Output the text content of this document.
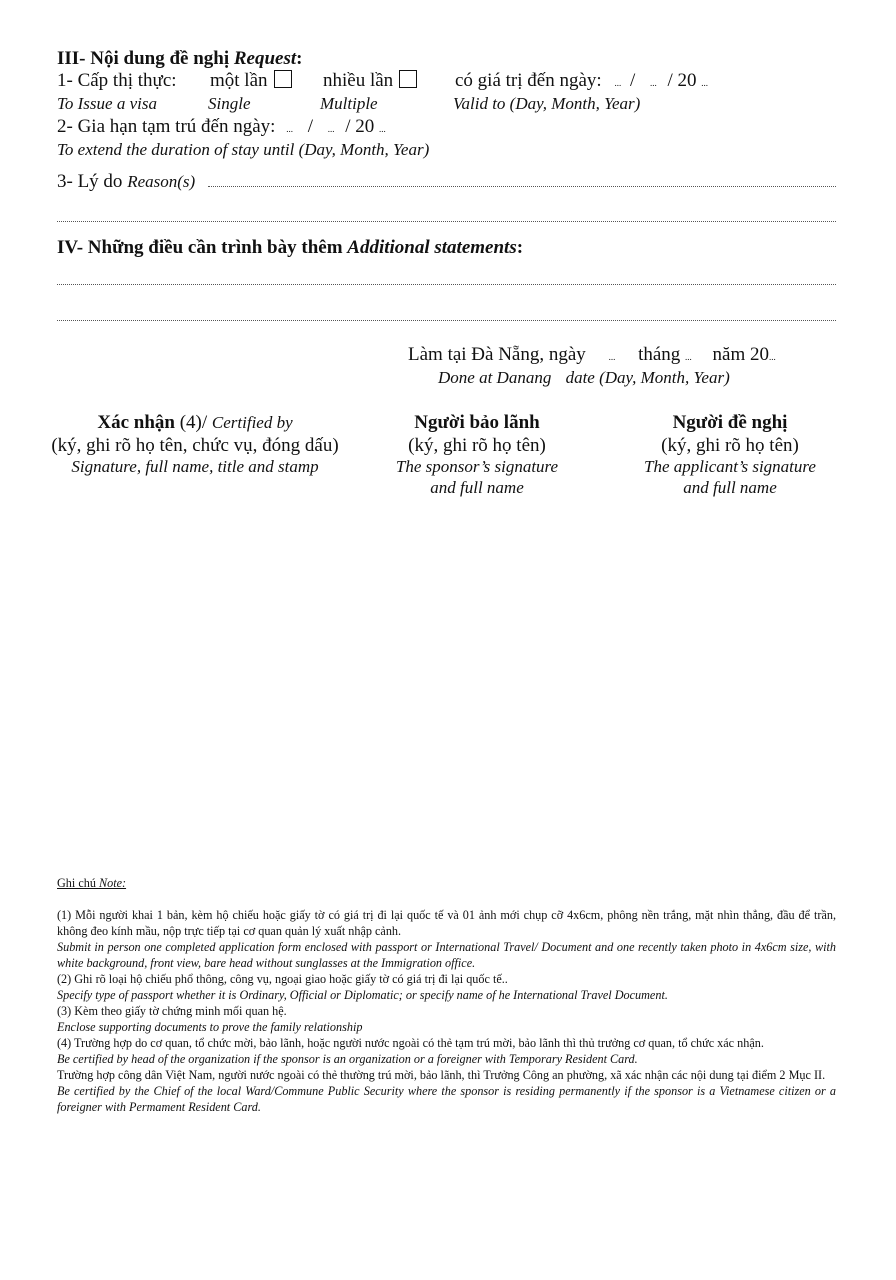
III- Nội dung đề nghị Request:
1- Cấp thị thực: một lần	nhiều lần	có giá trị đến ngày: ... / ... / 20 ...
To Issue a visa	Single	Multiple	Valid to (Day, Month, Year)
2- Gia hạn tạm trú đến ngày: ... / ... / 20 ...
To extend the duration of stay until (Day, Month, Year)
3- Lý do Reason(s)
IV- Những điều cần trình bày thêm Additional statements:
Làm tại Đà Nẵng, ngày	... tháng ... năm 20...
Done at Danang date (Day, Month, Year)
Xác nhận (4)/ Certified by
(ký, ghi rõ họ tên, chức vụ, đóng dấu)
Signature, full name, title and stamp
Người bảo lãnh
(ký, ghi rõ họ tên)
The sponsor’s signature
and full name
Người đề nghị
(ký, ghi rõ họ tên)
The applicant’s signature
and full name

Ghi chú Note:

(1) Mỗi người khai 1 bản, kèm hộ chiếu hoặc giấy tờ có giá trị đi lại quốc tế và 01 ảnh mới chụp cỡ 4x6cm, phông nền trắng, mặt nhìn thẳng, đầu để trần, không đeo kính mầu, nộp trực tiếp tại cơ quan quản lý xuất nhập cảnh.

Submit in person one completed application form enclosed with passport or International Travel/ Document and one recently taken photo in 4x6cm size, with white background, front view, bare head without sunglasses at the Immigration office.

(2) Ghi rõ loại hộ chiếu phổ thông, công vụ, ngoại giao hoặc giấy tờ có giá trị đi lại quốc tế..

Specify type of passport whether it is Ordinary, Official or Diplomatic; or specify name of he International Travel Document.

(3) Kèm theo giấy tờ chứng minh mối quan hệ.

Enclose supporting documents to prove the family relationship

(4) Trường hợp do cơ quan, tổ chức mời, bảo lãnh, hoặc người nước ngoài có thẻ tạm trú mời, bảo lãnh thì thủ trưởng cơ quan, tổ chức xác nhận.

Be certified by head of the organization if the sponsor is an organization or a foreigner with Temporary Resident Card.

Trường hợp công dân Việt Nam, người nước ngoài có thẻ thường trú mời, bảo lãnh, thì Trưởng Công an phường, xã xác nhận các nội dung tại điểm 2 Mục II.

Be certified by the Chief of the local Ward/Commune Public Security where the sponsor is residing permanently if the sponsor is a Vietnamese citizen or a foreigner with Permament Resident Card.
